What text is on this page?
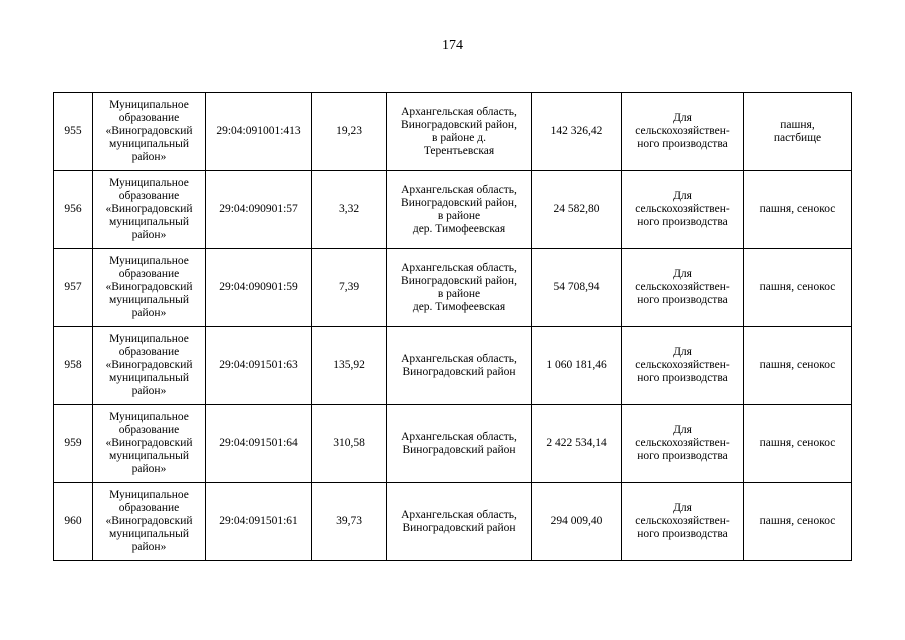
174
955	Муниципальное
образование
«Виноградовский
муниципальный
район»	29:04:091001:413	19,23	Архангельская область,
Виноградовский район,
в районе д.
Терентьевская	142 326,42	Для
сельскохозяйствен-
ного производства	пашня,
пастбище
956	Муниципальное
образование
«Виноградовский
муниципальный
район»	29:04:090901:57	3,32	Архангельская область,
Виноградовский район,
в районе
дер. Тимофеевская	24 582,80	Для
сельскохозяйствен-
ного производства	пашня, сенокос
957	Муниципальное
образование
«Виноградовский
муниципальный
район»	29:04:090901:59	7,39	Архангельская область,
Виноградовский район,
в районе
дер. Тимофеевская	54 708,94	Для
сельскохозяйствен-
ного производства	пашня, сенокос
958	Муниципальное
образование
«Виноградовский
муниципальный
район»	29:04:091501:63	135,92	Архангельская область,
Виноградовский район	1 060 181,46	Для
сельскохозяйствен-
ного производства	пашня, сенокос
959	Муниципальное
образование
«Виноградовский
муниципальный
район»	29:04:091501:64	310,58	Архангельская область,
Виноградовский район	2 422 534,14	Для
сельскохозяйствен-
ного производства	пашня, сенокос
960	Муниципальное
образование
«Виноградовский
муниципальный
район»	29:04:091501:61	39,73	Архангельская область,
Виноградовский район	294 009,40	Для
сельскохозяйствен-
ного производства	пашня, сенокос
